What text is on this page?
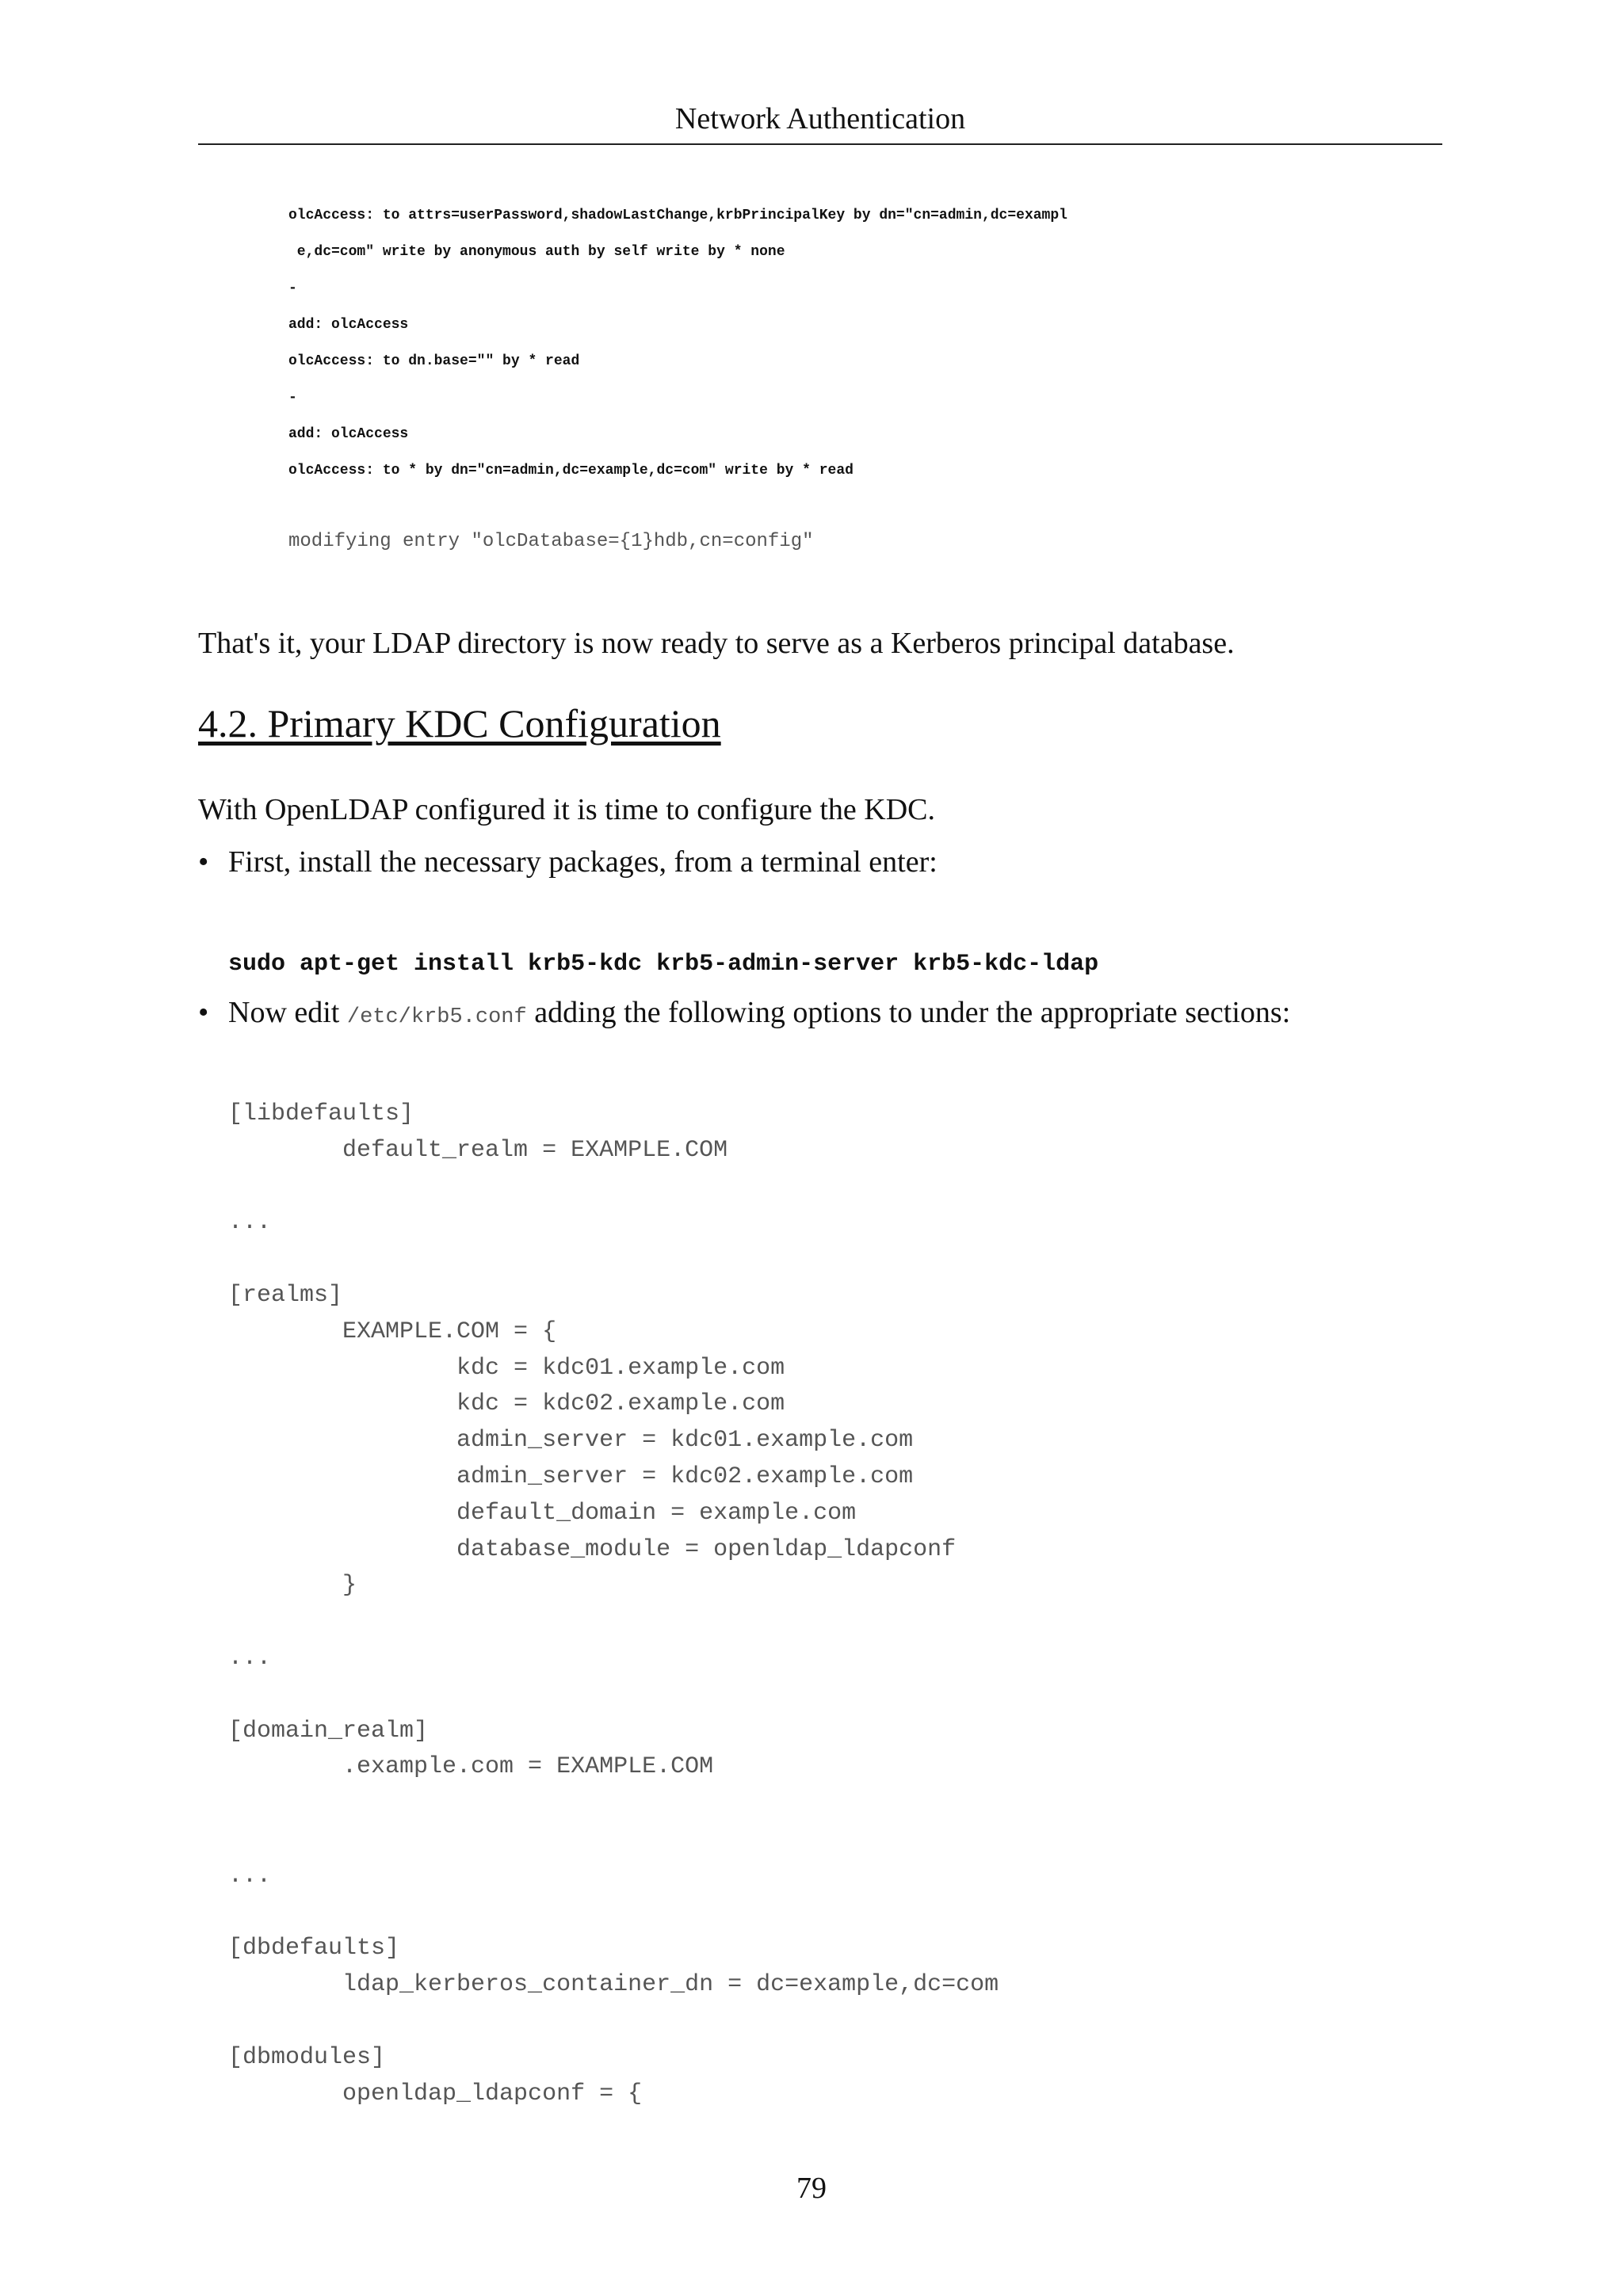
Network Authentication
olcAccess: to attrs=userPassword,shadowLastChange,krbPrincipalKey by dn="cn=admin,dc=exampl
e,dc=com" write by anonymous auth by self write by * none
-
add: olcAccess
olcAccess: to dn.base="" by * read
-
add: olcAccess
olcAccess: to * by dn="cn=admin,dc=example,dc=com" write by * read
modifying entry "olcDatabase={1}hdb,cn=config"
That's it, your LDAP directory is now ready to serve as a Kerberos principal database.
4.2. Primary KDC Configuration
With OpenLDAP configured it is time to configure the KDC.
• First, install the necessary packages, from a terminal enter:
sudo apt-get install krb5-kdc krb5-admin-server krb5-kdc-ldap
• Now edit /etc/krb5.conf adding the following options to under the appropriate sections:
[libdefaults]
default_realm = EXAMPLE.COM
...
[realms]
EXAMPLE.COM = {
kdc = kdc01.example.com
kdc = kdc02.example.com
admin_server = kdc01.example.com
admin_server = kdc02.example.com
default_domain = example.com
database_module = openldap_ldapconf
}
...
[domain_realm]
.example.com = EXAMPLE.COM
...
[dbdefaults]
ldap_kerberos_container_dn = dc=example,dc=com
[dbmodules]
openldap_ldapconf = {
79
